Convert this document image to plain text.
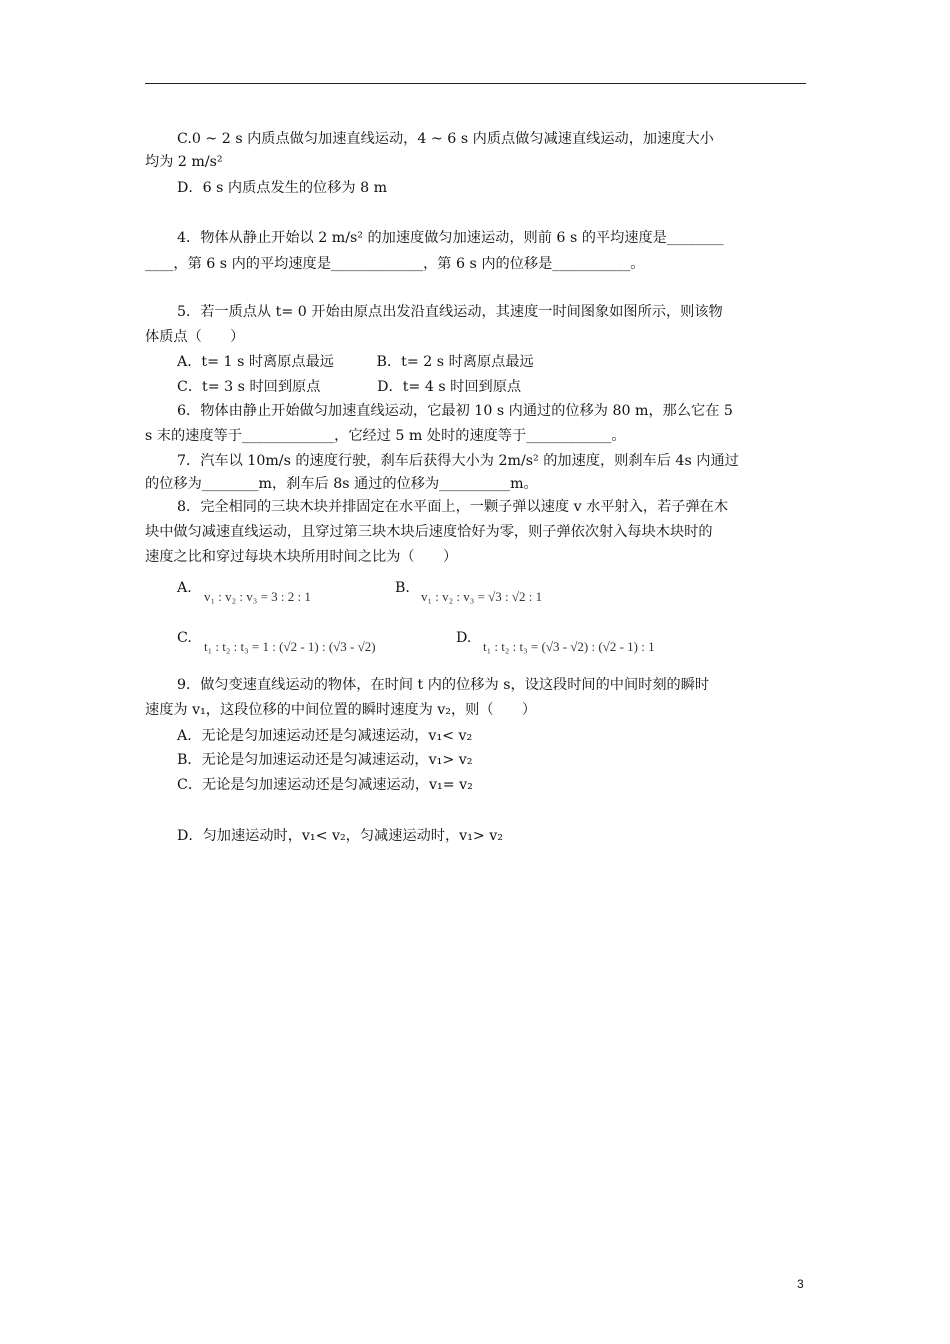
C.0 ~ 2 s 内质点做匀加速直线运动，4 ~ 6 s 内质点做匀减速直线运动，加速度大小
均为 2 m/s²
D．6 s 内质点发生的位移为 8 m
4．物体从静止开始以 2 m/s² 的加速度做匀加速运动，则前 6 s 的平均速度是________
____，第 6 s 内的平均速度是_____________，第 6 s 内的位移是___________。
5．若一质点从 t= 0 开始由原点出发沿直线运动，其速度一时间图象如图所示，则该物
体质点（　　）
A．t= 1 s 时离原点最远　　　B．t= 2 s 时离原点最远
C．t= 3 s 时回到原点　　　　D．t= 4 s 时回到原点
6．物体由静止开始做匀加速直线运动，它最初 10 s 内通过的位移为 80 m，那么它在 5
s 末的速度等于_____________，它经过 5 m 处时的速度等于____________。
7．汽车以 10m/s 的速度行驶，刹车后获得大小为 2m/s² 的加速度，则刹车后 4s 内通过
的位移为________m，刹车后 8s 通过的位移为__________m。
8．完全相同的三块木块并排固定在水平面上，一颗子弹以速度 v 水平射入，若子弹在木
块中做匀减速直线运动，且穿过第三块木块后速度恰好为零，则子弹依次射入每块木块时的
速度之比和穿过每块木块所用时间之比为（　　）
A.
v₁ : v₂ : v₃ = 3 : 2 : 1
B.
v₁ : v₂ : v₃ = √3 : √2 : 1
C.
t₁ : t₂ : t₃ = 1 : (√2 - 1) : (√3 - √2)
D.
t₁ : t₂ : t₃ = (√3 - √2) : (√2 - 1) : 1
9．做匀变速直线运动的物体，在时间 t 内的位移为 s，设这段时间的中间时刻的瞬时
速度为 v₁，这段位移的中间位置的瞬时速度为 v₂，则（　　）
A．无论是匀加速运动还是匀减速运动，v₁< v₂
B．无论是匀加速运动还是匀减速运动，v₁> v₂
C．无论是匀加速运动还是匀减速运动，v₁= v₂
D．匀加速运动时，v₁< v₂，匀减速运动时，v₁> v₂
3
